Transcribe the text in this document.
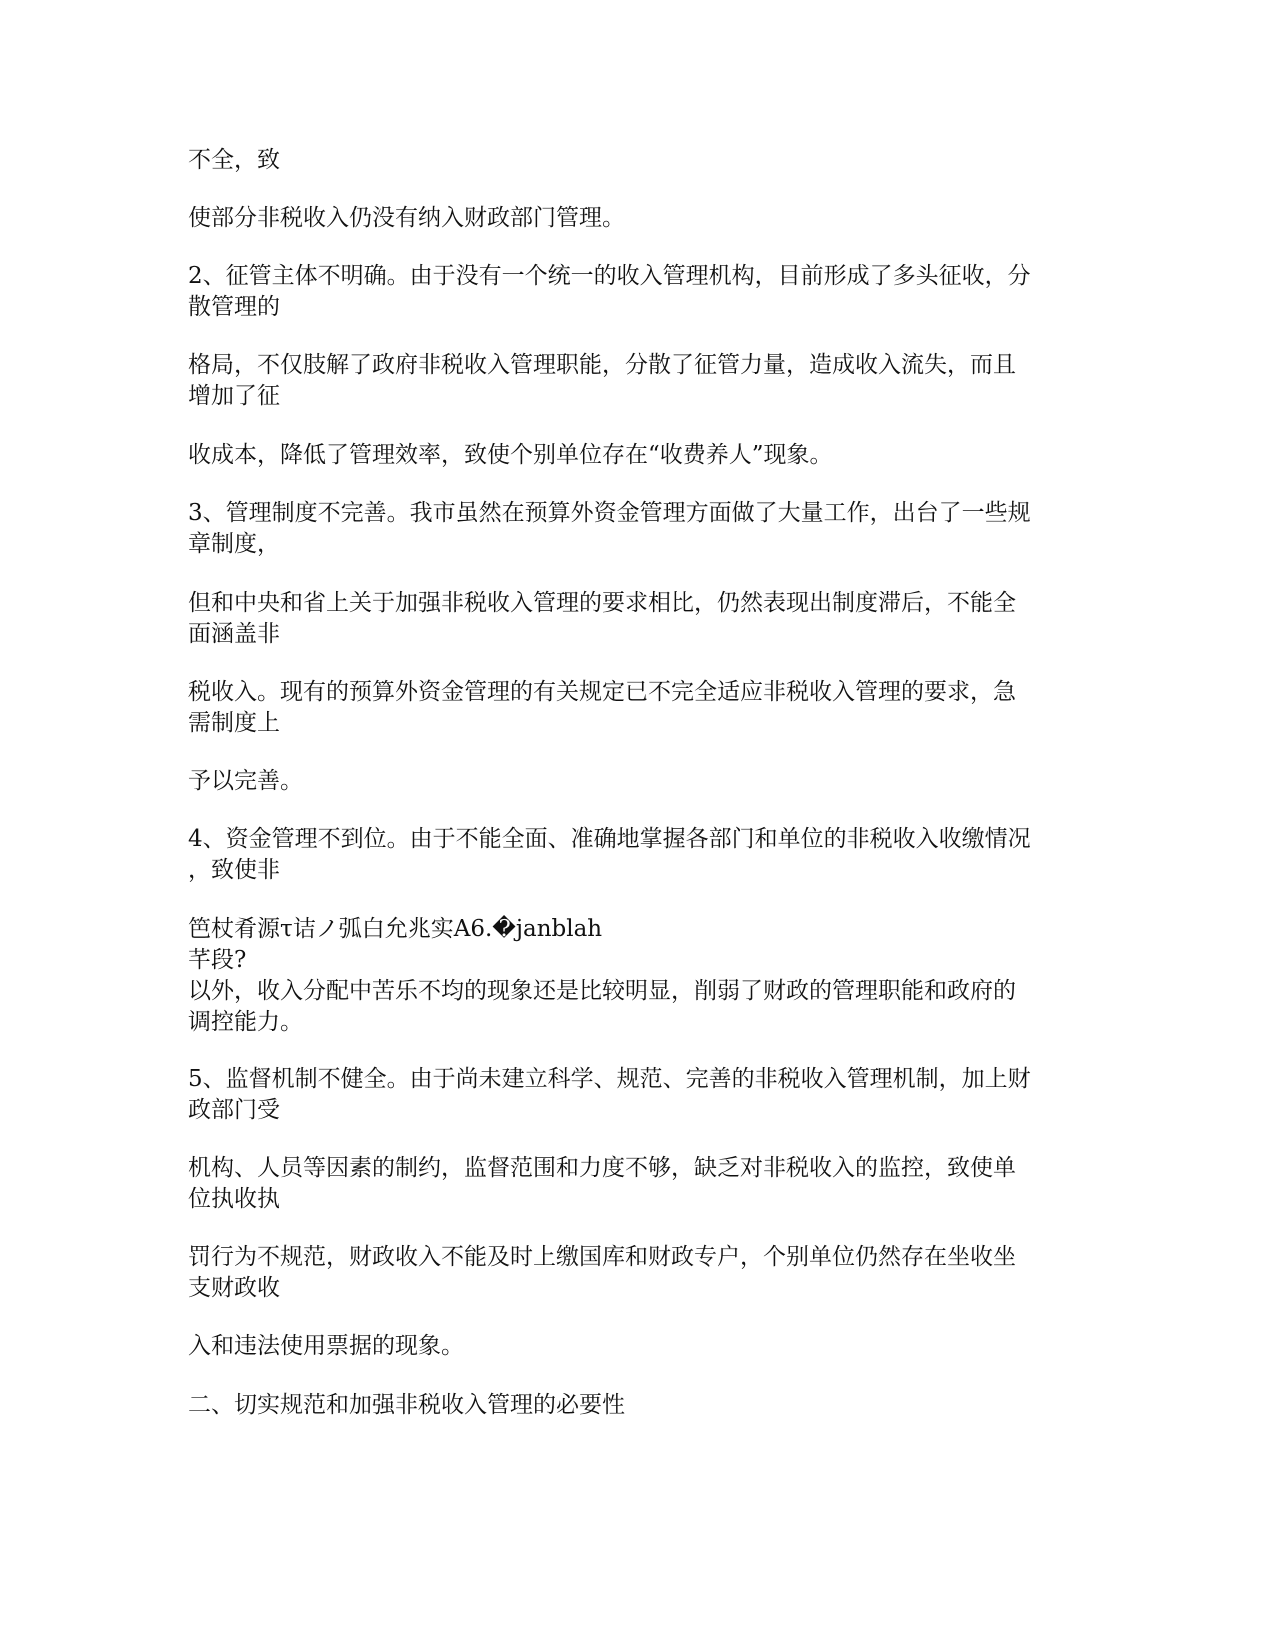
不全，致

使部分非税收入仍没有纳入财政部门管理。

2、征管主体不明确。由于没有一个统一的收入管理机构，目前形成了多头征收，分
散管理的

格局，不仅肢解了政府非税收入管理职能，分散了征管力量，造成收入流失，而且
增加了征

收成本，降低了管理效率，致使个别单位存在“收费养人”现象。

3、管理制度不完善。我市虽然在预算外资金管理方面做了大量工作，出台了一些规
章制度，

但和中央和省上关于加强非税收入管理的要求相比，仍然表现出制度滞后，不能全
面涵盖非

税收入。现有的预算外资金管理的有关规定已不完全适应非税收入管理的要求，急
需制度上

予以完善。

4、资金管理不到位。由于不能全面、准确地掌握各部门和单位的非税收入收缴情况
，致使非

笆杖肴源τ诘ノ弧白允兆实A6.�janblah
芊段?
以外，收入分配中苦乐不均的现象还是比较明显，削弱了财政的管理职能和政府的
调控能力。

5、监督机制不健全。由于尚未建立科学、规范、完善的非税收入管理机制，加上财
政部门受

机构、人员等因素的制约，监督范围和力度不够，缺乏对非税收入的监控，致使单
位执收执

罚行为不规范，财政收入不能及时上缴国库和财政专户，个别单位仍然存在坐收坐
支财政收

入和违法使用票据的现象。

二、切实规范和加强非税收入管理的必要性
